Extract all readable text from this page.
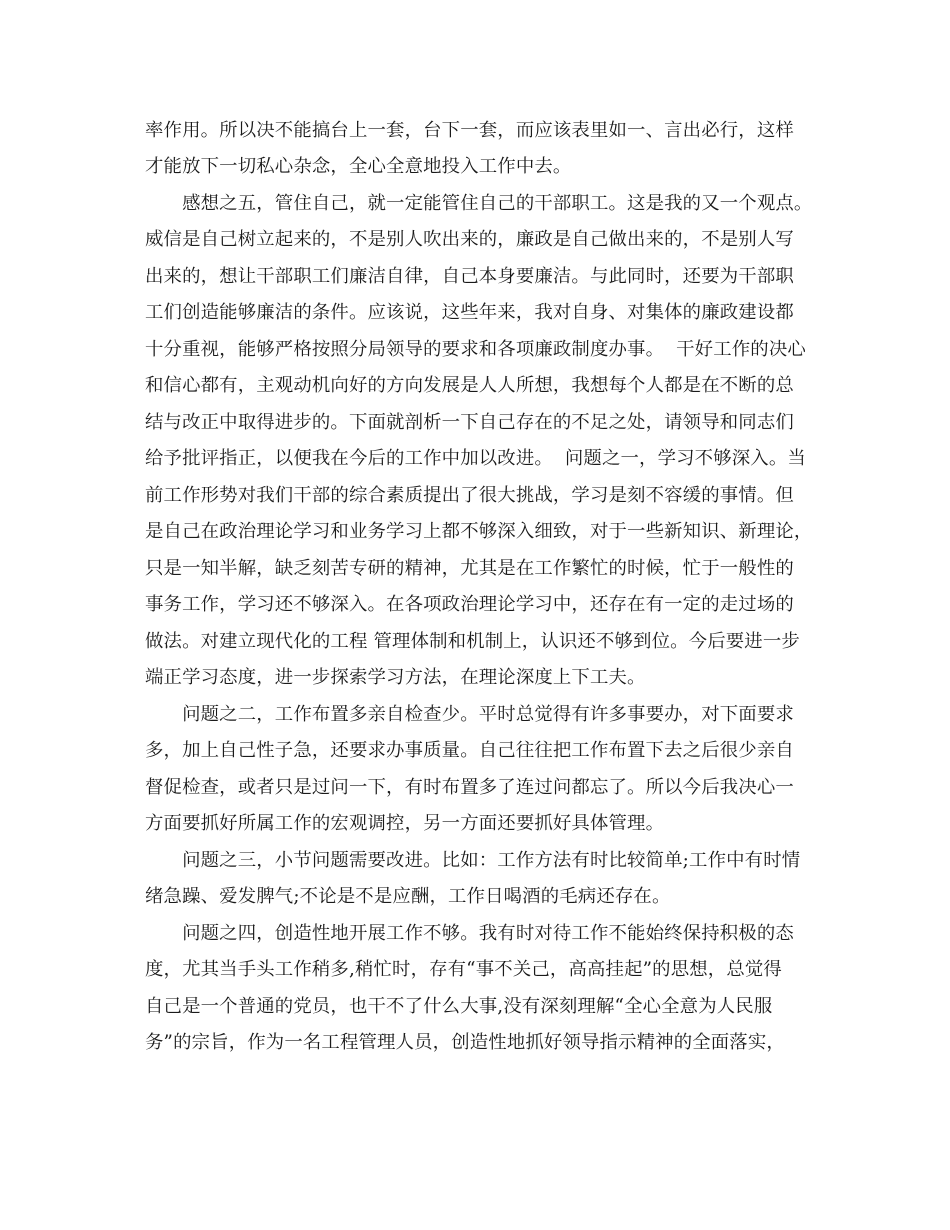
率作用。所以决不能搞台上一套，台下一套，而应该表里如一、言出必行，这样
才能放下一切私心杂念，全心全意地投入工作中去。
　　感想之五，管住自己，就一定能管住自己的干部职工。这是我的又一个观点。
威信是自己树立起来的，不是别人吹出来的，廉政是自己做出来的，不是别人写
出来的，想让干部职工们廉洁自律，自己本身要廉洁。与此同时，还要为干部职
工们创造能够廉洁的条件。应该说，这些年来，我对自身、对集体的廉政建设都
十分重视，能够严格按照分局领导的要求和各项廉政制度办事。  干好工作的决心
和信心都有，主观动机向好的方向发展是人人所想，我想每个人都是在不断的总
结与改正中取得进步的。下面就剖析一下自己存在的不足之处，请领导和同志们
给予批评指正，以便我在今后的工作中加以改进。  问题之一，学习不够深入。当
前工作形势对我们干部的综合素质提出了很大挑战，学习是刻不容缓的事情。但
是自己在政治理论学习和业务学习上都不够深入细致，对于一些新知识、新理论，
只是一知半解，缺乏刻苦专研的精神，尤其是在工作繁忙的时候，忙于一般性的
事务工作，学习还不够深入。在各项政治理论学习中，还存在有一定的走过场的
做法。对建立现代化的工程 管理体制和机制上，认识还不够到位。今后要进一步
端正学习态度，进一步探索学习方法，在理论深度上下工夫。
　　问题之二，工作布置多亲自检查少。平时总觉得有许多事要办，对下面要求
多，加上自己性子急，还要求办事质量。自己往往把工作布置下去之后很少亲自
督促检查，或者只是过问一下，有时布置多了连过问都忘了。所以今后我决心一
方面要抓好所属工作的宏观调控，另一方面还要抓好具体管理。
　　问题之三，小节问题需要改进。比如：工作方法有时比较简单;工作中有时情
绪急躁、爱发脾气;不论是不是应酬，工作日喝酒的毛病还存在。
　　问题之四，创造性地开展工作不够。我有时对待工作不能始终保持积极的态
度，尤其当手头工作稍多,稍忙时，存有“事不关己，高高挂起”的思想，总觉得
自己是一个普通的党员，也干不了什么大事,没有深刻理解“全心全意为人民服
务”的宗旨，作为一名工程管理人员，创造性地抓好领导指示精神的全面落实，
